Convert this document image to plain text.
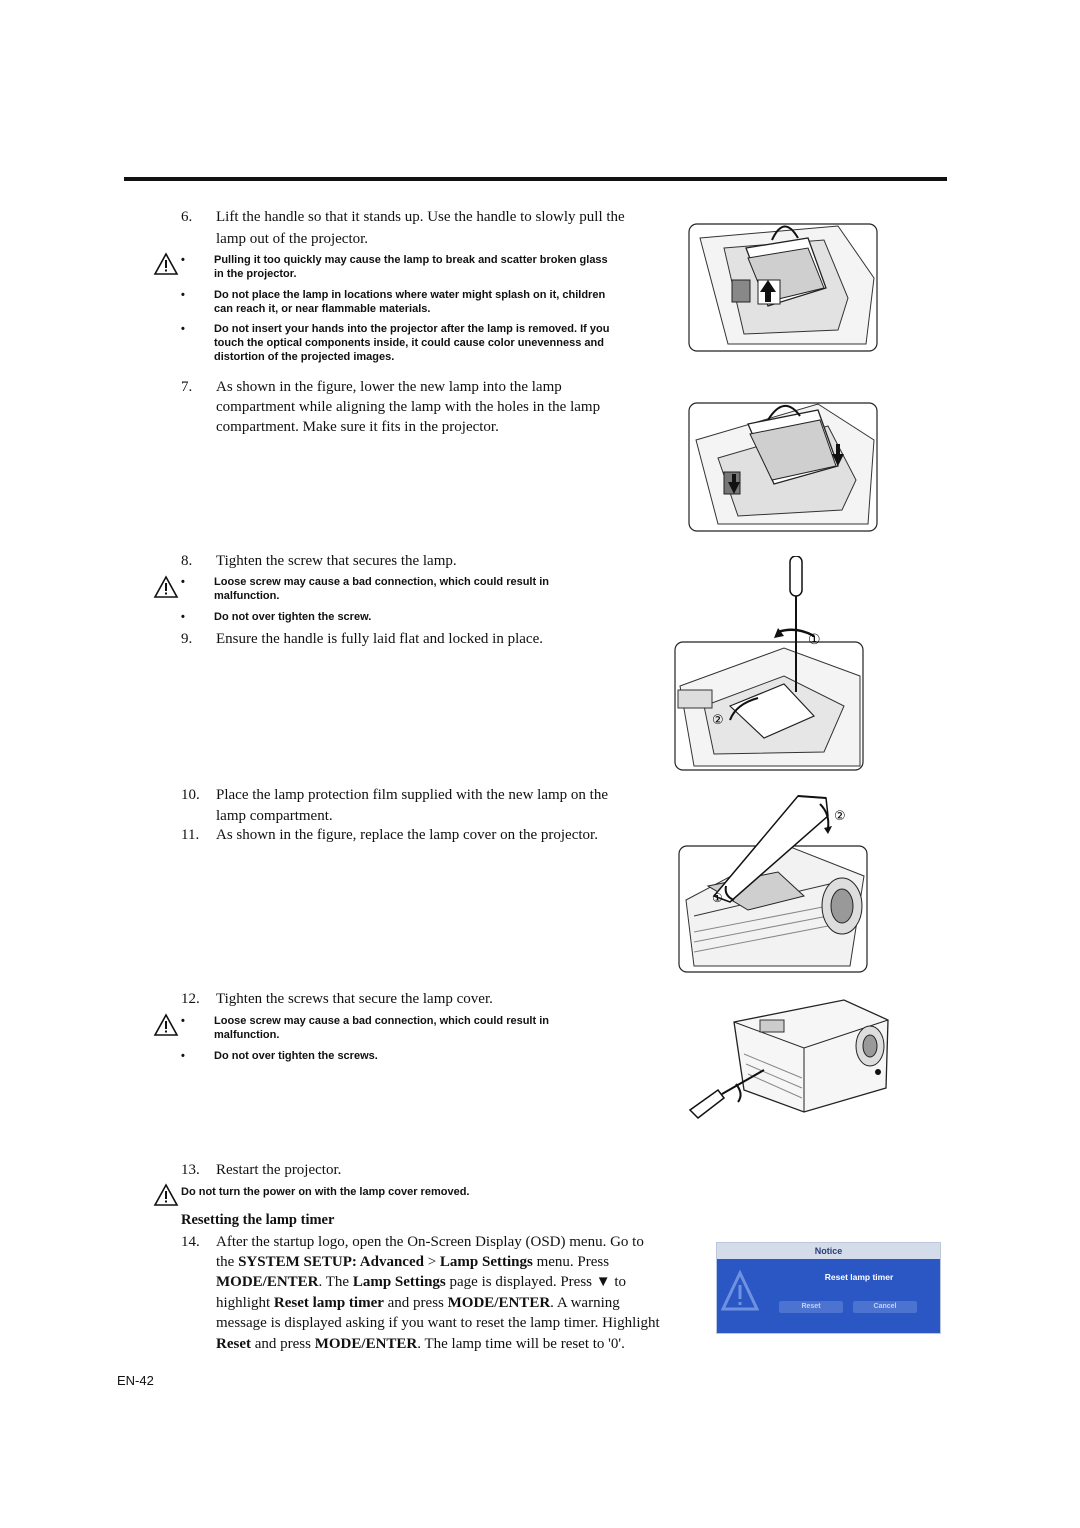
6. Lift the handle so that it stands up. Use the handle to slowly pull the
lamp out of the projector.
•	Pulling it too quickly may cause the lamp to break and scatter broken glass
in the projector.
•	Do not place the lamp in locations where water might splash on it, children
can reach it, or near flammable materials.
•	Do not insert your hands into the projector after the lamp is removed. If you
touch the optical components inside, it could cause color unevenness and
distortion of the projected images.
7. As shown in the figure, lower the new lamp into the lamp
compartment while aligning the lamp with the holes in the lamp
compartment. Make sure it fits in the projector.
8. Tighten the screw that secures the lamp.
•	Loose screw may cause a bad connection, which could result in
malfunction.
•	Do not over tighten the screw.
9. Ensure the handle is fully laid flat and locked in place.	①
②
10. Place the lamp protection film supplied with the new lamp on the
lamp compartment.
11. As shown in the figure, replace the lamp cover on the projector.
②
①
12. Tighten the screws that secure the lamp cover.
•	Loose screw may cause a bad connection, which could result in
malfunction.
•	Do not over tighten the screws.
13. Restart the projector.
Do not turn the power on with the lamp cover removed.
Resetting the lamp timer
14. After the startup logo, open the On-Screen Display (OSD) menu. Go to
the SYSTEM SETUP: Advanced > Lamp Settings menu. Press
MODE/ENTER. The Lamp Settings page is displayed. Press ▼ to
highlight Reset lamp timer and press MODE/ENTER. A warning
message is displayed asking if you want to reset the lamp timer. Highlight
Reset and press MODE/ENTER. The lamp time will be reset to '0'.
Notice
Reset lamp timer
Reset	Cancel
EN-42
